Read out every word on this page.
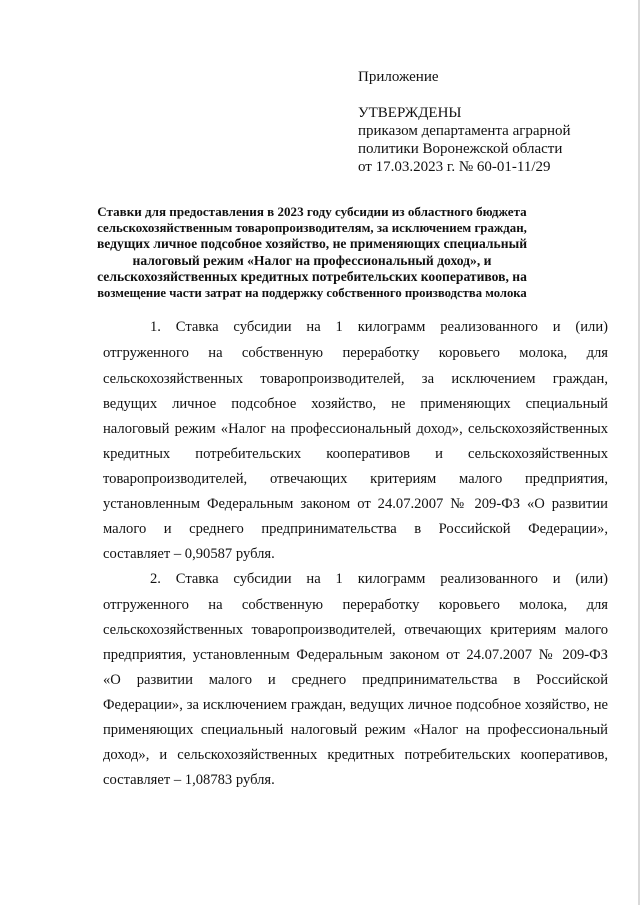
Приложение
УТВЕРЖДЕНЫ
приказом департамента аграрной
политики Воронежской области
от 17.03.2023 г. № 60-01-11/29
Ставки для предоставления в 2023 году субсидии из областного бюджета
сельскохозяйственным товаропроизводителям, за исключением граждан,
ведущих личное подсобное хозяйство, не применяющих специальный
налоговый режим «Налог на профессиональный доход», и
сельскохозяйственных кредитных потребительских кооперативов, на
возмещение части затрат на поддержку собственного производства молока
1. Ставка субсидии на 1 килограмм реализованного и (или)
отгруженного на собственную переработку коровьего молока, для
сельскохозяйственных товаропроизводителей, за исключением граждан,
ведущих личное подсобное хозяйство, не применяющих специальный
налоговый режим «Налог на профессиональный доход», сельскохозяйственных
кредитных потребительских кооперативов и сельскохозяйственных
товаропроизводителей, отвечающих критериям малого предприятия,
установленным Федеральным законом от 24.07.2007 № 209-ФЗ «О развитии
малого и среднего предпринимательства в Российской Федерации»,
составляет – 0,90587 рубля.
2. Ставка субсидии на 1 килограмм реализованного и (или)
отгруженного на собственную переработку коровьего молока, для
сельскохозяйственных товаропроизводителей, отвечающих критериям малого
предприятия, установленным Федеральным законом от 24.07.2007 № 209-ФЗ
«О развитии малого и среднего предпринимательства в Российской
Федерации», за исключением граждан, ведущих личное подсобное хозяйство, не
применяющих специальный налоговый режим «Налог на профессиональный
доход», и сельскохозяйственных кредитных потребительских кооперативов,
составляет – 1,08783 рубля.
